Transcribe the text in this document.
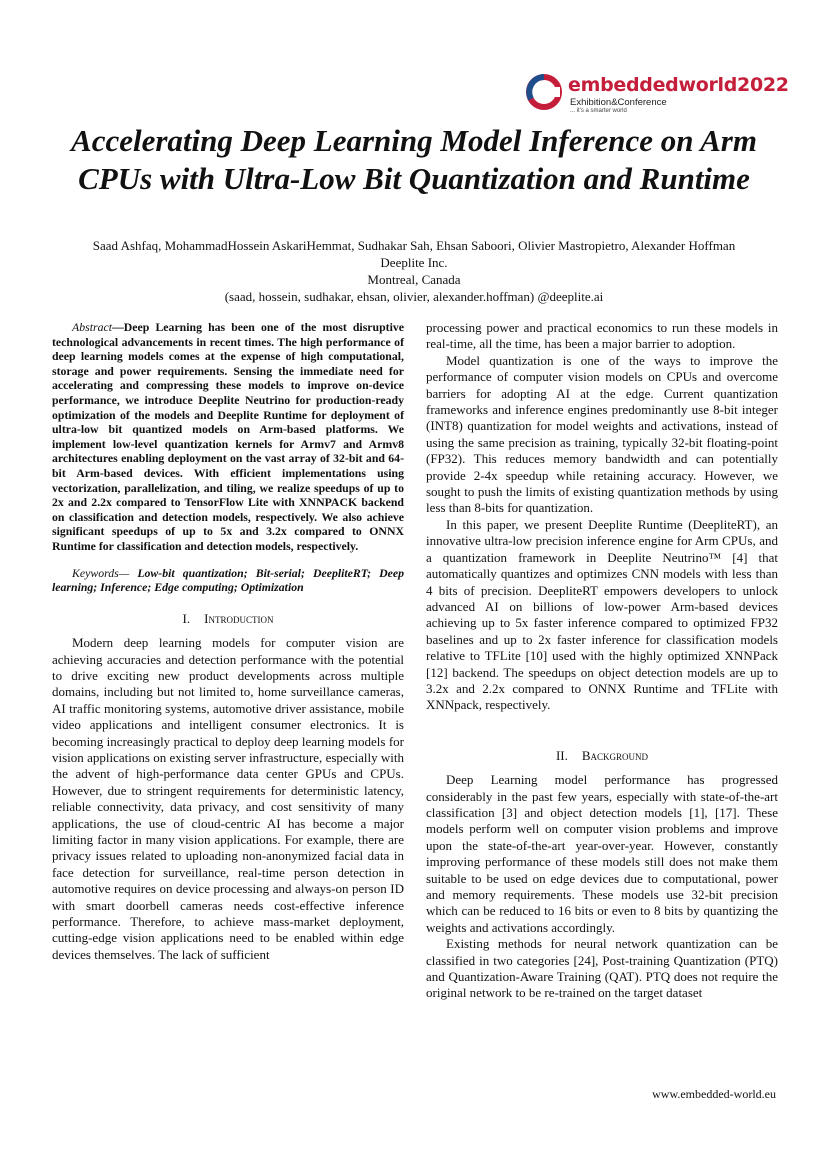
embeddedworld2022
Exhibition&Conference
... it's a smarter world
Accelerating Deep Learning Model Inference on Arm CPUs with Ultra-Low Bit Quantization and Runtime
Saad Ashfaq, MohammadHossein AskariHemmat, Sudhakar Sah, Ehsan Saboori, Olivier Mastropietro, Alexander Hoffman
Deeplite Inc.
Montreal, Canada
(saad, hossein, sudhakar, ehsan, olivier, alexander.hoffman) @deeplite.ai

Abstract—Deep Learning has been one of the most disruptive technological advancements in recent times. The high performance of deep learning models comes at the expense of high computational, storage and power requirements. Sensing the immediate need for accelerating and compressing these models to improve on-device performance, we introduce Deeplite Neutrino for production-ready optimization of the models and Deeplite Runtime for deployment of ultra-low bit quantized models on Arm-based platforms. We implement low-level quantization kernels for Armv7 and Armv8 architectures enabling deployment on the vast array of 32-bit and 64-bit Arm-based devices. With efficient implementations using vectorization, parallelization, and tiling, we realize speedups of up to 2x and 2.2x compared to TensorFlow Lite with XNNPACK backend on classification and detection models, respectively. We also achieve significant speedups of up to 5x and 3.2x compared to ONNX Runtime for classification and detection models, respectively.

Keywords— Low-bit quantization; Bit-serial; DeepliteRT; Deep learning; Inference; Edge computing; Optimization

I. Introduction

Modern deep learning models for computer vision are achieving accuracies and detection performance with the potential to drive exciting new product developments across multiple domains, including but not limited to, home surveillance cameras, AI traffic monitoring systems, automotive driver assistance, mobile video applications and intelligent consumer electronics. It is becoming increasingly practical to deploy deep learning models for vision applications on existing server infrastructure, especially with the advent of high-performance data center GPUs and CPUs. However, due to stringent requirements for deterministic latency, reliable connectivity, data privacy, and cost sensitivity of many applications, the use of cloud-centric AI has become a major limiting factor in many vision applications. For example, there are privacy issues related to uploading non-anonymized facial data in face detection for surveillance, real-time person detection in automotive requires on device processing and always-on person ID with smart doorbell cameras needs cost-effective inference performance. Therefore, to achieve mass-market deployment, cutting-edge vision applications need to be enabled within edge devices themselves. The lack of sufficient

processing power and practical economics to run these models in real-time, all the time, has been a major barrier to adoption.

Model quantization is one of the ways to improve the performance of computer vision models on CPUs and overcome barriers for adopting AI at the edge. Current quantization frameworks and inference engines predominantly use 8-bit integer (INT8) quantization for model weights and activations, instead of using the same precision as training, typically 32-bit floating-point (FP32). This reduces memory bandwidth and can potentially provide 2-4x speedup while retaining accuracy. However, we sought to push the limits of existing quantization methods by using less than 8-bits for quantization.

In this paper, we present Deeplite Runtime (DeepliteRT), an innovative ultra-low precision inference engine for Arm CPUs, and a quantization framework in Deeplite Neutrino™ [4] that automatically quantizes and optimizes CNN models with less than 4 bits of precision. DeepliteRT empowers developers to unlock advanced AI on billions of low-power Arm-based devices achieving up to 5x faster inference compared to optimized FP32 baselines and up to 2x faster inference for classification models relative to TFLite [10] used with the highly optimized XNNPack [12] backend. The speedups on object detection models are up to 3.2x and 2.2x compared to ONNX Runtime and TFLite with XNNpack, respectively.

II. Background

Deep Learning model performance has progressed considerably in the past few years, especially with state-of-the-art classification [3] and object detection models [1], [17]. These models perform well on computer vision problems and improve upon the state-of-the-art year-over-year. However, constantly improving performance of these models still does not make them suitable to be used on edge devices due to computational, power and memory requirements. These models use 32-bit precision which can be reduced to 16 bits or even to 8 bits by quantizing the weights and activations accordingly.

Existing methods for neural network quantization can be classified in two categories [24], Post-training Quantization (PTQ) and Quantization-Aware Training (QAT). PTQ does not require the original network to be re-trained on the target dataset

www.embedded-world.eu
